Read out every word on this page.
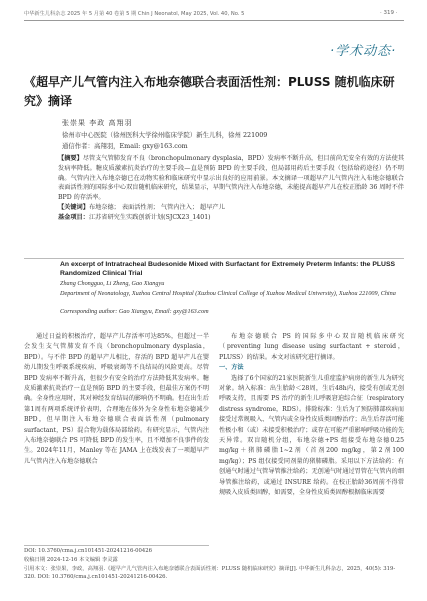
中华新生儿科杂志 2025 年 5 月第 40 卷第 5 期 Chin J Neonatol, May 2025, Vol. 40, No. 5	· 319 ·
·学术动态·
《超早产儿气管内注入布地奈德联合表面活性剂：PLUSS 随机临床研究》摘译
张崇果 李政 高翔羽
徐州市中心医院（徐州医科大学徐州临床学院）新生儿科，徐州 221009
通信作者：高翔羽，Email: gxy@163.com
【摘要】尽管支气管肺发育不良（bronchopulmonary dysplasia，BPD）发病率不断升高，但目前尚无安全有效的方法使其发病率降低。糖皮质激素抗炎治疗的主要手段—直是预防 BPD 的主要手段，但局部用药后主要手段（包括给药途径）仍不明确。气管内注入布地奈德已在动物实验和临床研究中显示出良好的应用前景。本文摘译一项超早产儿气管内注入布地奈德联合表面活性剂的国际多中心双盲随机临床研究，结果显示，早期气管内注入布地奈德，未能提高超早产儿在校正胎龄 36 周时不伴 BPD 的存活率。
【关键词】布地奈德； 表面活性剂； 气管内注入； 超早产儿
基金项目：江苏省研究生实践创新计划(SJCX23_1401)
An excerpt of Intratracheal Budesonide Mixed with Surfactant for Extremely Preterm Infants: the PLUSS Randomized Clinical Trial
Zhang Chongguo, Li Zheng, Gao Xiangyu
Department of Neonatology, Xuzhou Central Hospital (Xuzhou Clinical College of Xuzhou Medical University), Xuzhou 221009, China
Corresponding author: Gao Xiangyu, Email: gxy@163.com

通过日益的积极治疗，超早产儿存活率可达85%，但超过一半会发生支气管肺发育不良（bronchopulmonary dysplasia，BPD）。与不伴 BPD 的超早产儿相比，存活的 BPD 超早产儿在婴幼儿期发生呼吸系统疾病、呼吸衰竭等不良结局的风险更高。尽管 BPD 发病率不断升高，但很少有安全的治疗方法降低其发病率。糖皮质激素抗炎治疗一直是预防 BPD 的主要手段，但最佳方案仍不明确。全身性应用时，其对神经发育结局的影响仍不明确。但在出生后第1周有两项系统评价表明，合理地在体外为全身性布地奈德减少 BPD，但早期注入布地奈德联合表面活性剂（pulmonary surfactant，PS）混合物为载体局部给药。有研究显示，气管内注入布地奈德联合 PS 可降低 BPD 的发生率，且不增加不良事件的发生。2024年11月，Manley 等在 JAMA 上在线发表了一项超早产儿气管内注入布地奈德联合

布地奈德联合 PS 的国际多中心双盲随机临床研究（preventing lung disease using surfactant + steroid，PLUSS）的结果。本文对该研究进行摘译。

一、方法

选择了6个国家的21家医院新生儿重症监护病房的新生儿为研究对象。纳入标准：出生胎龄＜28周，生后48h内，接受有创或无创呼吸支持，且需要 PS 治疗的新生儿呼吸窘迫综合征（respiratory distress syndrome，RDS）。排除标准：生后为了预防肺部疾病而接受过常规吸入、气管内或全身性皮质类固醇治疗；出生后存活可能性极小和（或）未接受积极治疗；或存在可能严重影响呼吸功能的先天异常。双盲随机分组，布地奈德+PS 组接受布地奈德0.25 mg/kg＋猪肺磷脂1~2剂（首剂200 mg/kg，第2剂100 mg/kg）；PS 组仅接受同剂量的猪肺磷脂。采用以下方法给药：有创通气时通过气管导管推注给药；无创通气时通过胃管在气管内的细导管推注给药，或通过 INSURE 给药。在校正胎龄36周前不得常规吸入皮质类固醇，如需要，全身性皮质类固醇根据临床需要

DOI: 10.3760/cma.j.cn101451-20241216-00426
收稿日期 2024-12-16 本文编辑 李灵露
引用本文：张崇果，李政，高翔羽.《超早产儿气管内注入布地奈德联合表面活性剂：PLUSS 随机临床研究》摘译[J]. 中华新生儿科杂志，2025，40(5): 319-320. DOI: 10.3760/cma.j.cn101451-20241216-00426.
